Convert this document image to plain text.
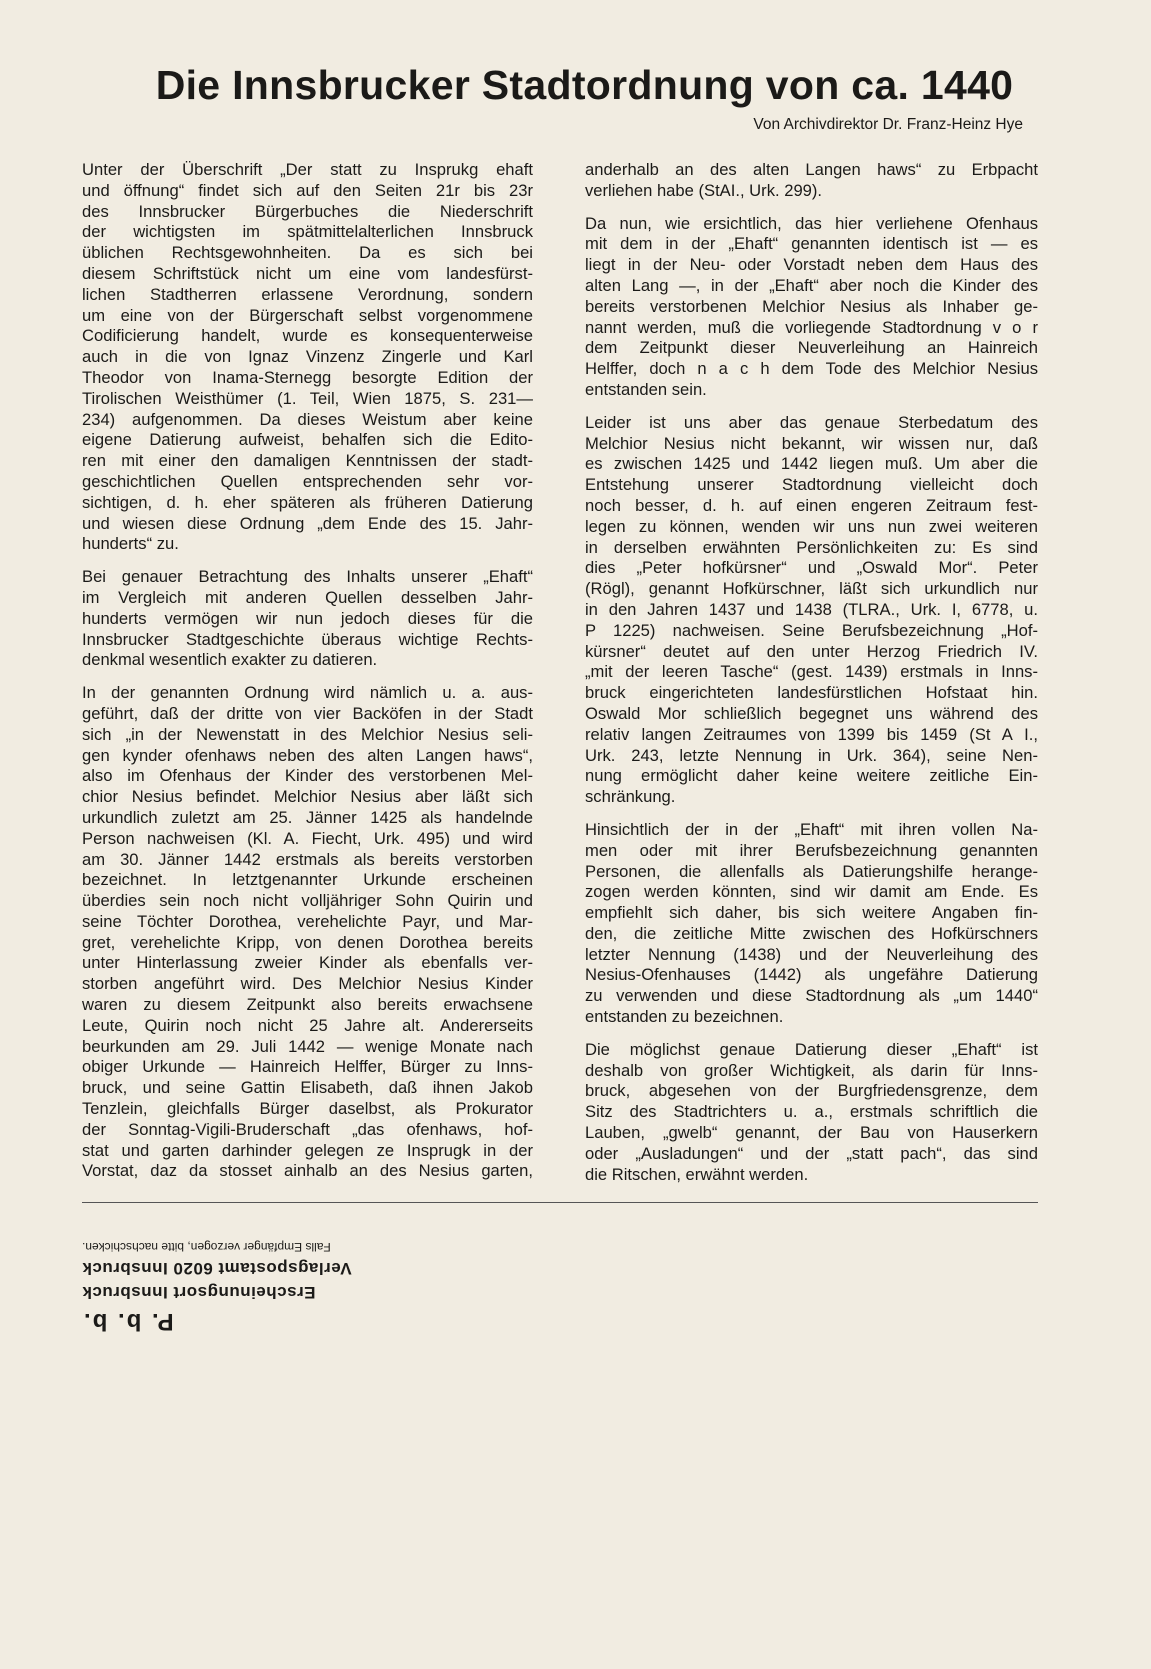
Die Innsbrucker Stadtordnung von ca. 1440
Von Archivdirektor Dr. Franz-Heinz Hye
Unter der Überschrift „Der statt zu Insprukg ehaft
und öffnung“ findet sich auf den Seiten 21r bis 23r
des Innsbrucker Bürgerbuches die Niederschrift
der wichtigsten im spätmittelalterlichen Innsbruck
üblichen Rechtsgewohnheiten. Da es sich bei
diesem Schriftstück nicht um eine vom landesfürst-
lichen Stadtherren erlassene Verordnung, sondern
um eine von der Bürgerschaft selbst vorgenommene
Codificierung handelt, wurde es konsequenterweise
auch in die von Ignaz Vinzenz Zingerle und Karl
Theodor von Inama-Sternegg besorgte Edition der
Tirolischen Weisthümer (1. Teil, Wien 1875, S. 231—
234) aufgenommen. Da dieses Weistum aber keine
eigene Datierung aufweist, behalfen sich die Edito-
ren mit einer den damaligen Kenntnissen der stadt-
geschichtlichen Quellen entsprechenden sehr vor-
sichtigen, d. h. eher späteren als früheren Datierung
und wiesen diese Ordnung „dem Ende des 15. Jahr-
hunderts“ zu.
Bei genauer Betrachtung des Inhalts unserer „Ehaft“
im Vergleich mit anderen Quellen desselben Jahr-
hunderts vermögen wir nun jedoch dieses für die
Innsbrucker Stadtgeschichte überaus wichtige Rechts-
denkmal wesentlich exakter zu datieren.
In der genannten Ordnung wird nämlich u. a. aus-
geführt, daß der dritte von vier Backöfen in der Stadt
sich „in der Newenstatt in des Melchior Nesius seli-
gen kynder ofenhaws neben des alten Langen haws“,
also im Ofenhaus der Kinder des verstorbenen Mel-
chior Nesius befindet. Melchior Nesius aber läßt sich
urkundlich zuletzt am 25. Jänner 1425 als handelnde
Person nachweisen (Kl. A. Fiecht, Urk. 495) und wird
am 30. Jänner 1442 erstmals als bereits verstorben
bezeichnet. In letztgenannter Urkunde erscheinen
überdies sein noch nicht volljähriger Sohn Quirin und
seine Töchter Dorothea, verehelichte Payr, und Mar-
gret, verehelichte Kripp, von denen Dorothea bereits
unter Hinterlassung zweier Kinder als ebenfalls ver-
storben angeführt wird. Des Melchior Nesius Kinder
waren zu diesem Zeitpunkt also bereits erwachsene
Leute, Quirin noch nicht 25 Jahre alt. Andererseits
beurkunden am 29. Juli 1442 — wenige Monate nach
obiger Urkunde — Hainreich Helffer, Bürger zu Inns-
bruck, und seine Gattin Elisabeth, daß ihnen Jakob
Tenzlein, gleichfalls Bürger daselbst, als Prokurator
der Sonntag-Vigili-Bruderschaft „das ofenhaws, hof-
stat und garten darhinder gelegen ze Insprugk in der
Vorstat, daz da stosset ainhalb an des Nesius garten,
anderhalb an des alten Langen haws“ zu Erbpacht
verliehen habe (StAI., Urk. 299).
Da nun, wie ersichtlich, das hier verliehene Ofenhaus
mit dem in der „Ehaft“ genannten identisch ist — es
liegt in der Neu- oder Vorstadt neben dem Haus des
alten Lang —, in der „Ehaft“ aber noch die Kinder des
bereits verstorbenen Melchior Nesius als Inhaber ge-
nannt werden, muß die vorliegende Stadtordnung v o r
dem Zeitpunkt dieser Neuverleihung an Hainreich
Helffer, doch n a c h dem Tode des Melchior Nesius
entstanden sein.
Leider ist uns aber das genaue Sterbedatum des
Melchior Nesius nicht bekannt, wir wissen nur, daß
es zwischen 1425 und 1442 liegen muß. Um aber die
Entstehung unserer Stadtordnung vielleicht doch
noch besser, d. h. auf einen engeren Zeitraum fest-
legen zu können, wenden wir uns nun zwei weiteren
in derselben erwähnten Persönlichkeiten zu: Es sind
dies „Peter hofkürsner“ und „Oswald Mor“. Peter
(Rögl), genannt Hofkürschner, läßt sich urkundlich nur
in den Jahren 1437 und 1438 (TLRA., Urk. I, 6778, u.
P 1225) nachweisen. Seine Berufsbezeichnung „Hof-
kürsner“ deutet auf den unter Herzog Friedrich IV.
„mit der leeren Tasche“ (gest. 1439) erstmals in Inns-
bruck eingerichteten landesfürstlichen Hofstaat hin.
Oswald Mor schließlich begegnet uns während des
relativ langen Zeitraumes von 1399 bis 1459 (St A I.,
Urk. 243, letzte Nennung in Urk. 364), seine Nen-
nung ermöglicht daher keine weitere zeitliche Ein-
schränkung.
Hinsichtlich der in der „Ehaft“ mit ihren vollen Na-
men oder mit ihrer Berufsbezeichnung genannten
Personen, die allenfalls als Datierungshilfe herange-
zogen werden könnten, sind wir damit am Ende. Es
empfiehlt sich daher, bis sich weitere Angaben fin-
den, die zeitliche Mitte zwischen des Hofkürschners
letzter Nennung (1438) und der Neuverleihung des
Nesius-Ofenhauses (1442) als ungefähre Datierung
zu verwenden und diese Stadtordnung als „um 1440“
entstanden zu bezeichnen.
Die möglichst genaue Datierung dieser „Ehaft“ ist
deshalb von großer Wichtigkeit, als darin für Inns-
bruck, abgesehen von der Burgfriedensgrenze, dem
Sitz des Stadtrichters u. a., erstmals schriftlich die
Lauben, „gwelb“ genannt, der Bau von Hauserkern
oder „Ausladungen“ und der „statt pach“, das sind
die Ritschen, erwähnt werden.
P. b. b.
Erscheinungsort Innsbruck
Verlagspostamt 6020 Innsbruck
Falls Empfänger verzogen, bitte nachschicken.
